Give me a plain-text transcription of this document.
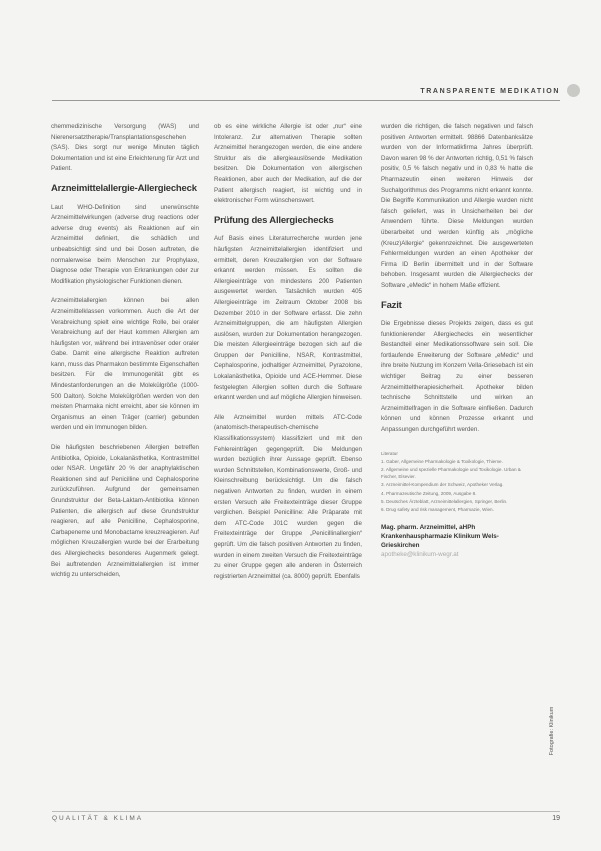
TRANSPARENTE MEDIKATION

chemmedizinische Versorgung (WAS) und Nierenersatztherapie/Transplantationsgeschehen (SAS). Dies sorgt nur wenige Minuten täglich Dokumentation und ist eine Erleichterung für Arzt und Patient.

Arzneimittelallergie-Allergiecheck

Laut WHO-Definition sind unerwünschte Arzneimittelwirkungen (adverse drug reactions oder adverse drug events) als Reaktionen auf ein Arzneimittel definiert, die schädlich und unbeabsichtigt sind und bei Dosen auftreten, die normalerweise beim Menschen zur Prophylaxe, Diagnose oder Therapie von Erkrankungen oder zur Modifikation physiologischer Funktionen dienen.

Arzneimittelallergien können bei allen Arzneimittelklassen vorkommen. Auch die Art der Verabreichung spielt eine wichtige Rolle, bei oraler Verabreichung auf der Haut kommen Allergien am häufigsten vor, während bei intravenöser oder oraler Gabe. Damit eine allergische Reaktion auftreten kann, muss das Pharmakon bestimmte Eigenschaften besitzen. Für die Immunogenität gibt es Mindestanforderungen an die Molekülgröße (1000-500 Dalton). Solche Molekülgrößen werden von den meisten Pharmaka nicht erreicht, aber sie können im Organismus an einen Träger (carrier) gebunden werden und ein Immunogen bilden.

Die häufigsten beschriebenen Allergien betreffen Antibiotika, Opioide, Lokalanästhetika, Kontrastmittel oder NSAR. Ungefähr 20 % der anaphylaktischen Reaktionen sind auf Penicilline und Cephalosporine zurückzuführen. Aufgrund der gemeinsamen Grundstruktur der Beta-Laktam-Antibiotika können Patienten, die allergisch auf diese Grundstruktur reagieren, auf alle Penicilline, Cephalosporine, Carbapeneme und Monobactame kreuzreagieren. Auf möglichen Kreuzallergien wurde bei der Erarbeitung des Allergiechecks besonderes Augenmerk gelegt. Bei auftretenden Arzneimittelallergien ist immer wichtig zu unterscheiden,

ob es eine wirkliche Allergie ist oder „nur“ eine Intoleranz. Zur alternativen Therapie sollten Arzneimittel herangezogen werden, die eine andere Struktur als die allergieauslösende Medikation besitzen. Die Dokumentation von allergischen Reaktionen, aber auch der Medikation, auf die der Patient allergisch reagiert, ist wichtig und in elektronischer Form wünschenswert.

Prüfung des Allergiechecks

Auf Basis eines Literaturrecherche wurden jene häufigsten Arzneimittelallergien identifiziert und ermittelt, deren Kreuzallergien von der Software erkannt werden müssen. Es sollten die Allergieeinträge von mindestens 200 Patienten ausgewertet werden. Tatsächlich wurden 405 Allergieeinträge im Zeitraum Oktober 2008 bis Dezember 2010 in der Software erfasst. Die zehn Arzneimittelgruppen, die am häufigsten Allergien auslösen, wurden zur Dokumentation herangezogen. Die meisten Allergieeinträge bezogen sich auf die Gruppen der Penicilline, NSAR, Kontrastmittel, Cephalosporine, jodhaltiger Arzneimittel, Pyrazolone, Lokalanästhetika, Opioide und ACE-Hemmer. Diese festgelegten Allergien sollten durch die Software erkannt werden und auf mögliche Allergien hinweisen.

Alle Arzneimittel wurden mittels ATC-Code (anatomisch-therapeutisch-chemische Klassifikationssystem) klassifiziert und mit den Fehlereinträgen gegengeprüft. Die Meldungen wurden bezüglich ihrer Aussage geprüft. Ebenso wurden Schnittstellen, Kombinationswerte, Groß- und Kleinschreibung berücksichtigt. Um die falsch negativen Antworten zu finden, wurden in einem ersten Versuch alle Freitexteinträge dieser Gruppe verglichen. Beispiel Penicilline: Alle Präparate mit dem ATC-Code J01C wurden gegen die Freitexteinträge der Gruppe „Penicillinallergien“ geprüft. Um die falsch positiven Antworten zu finden, wurden in einem zweiten Versuch die Freitexteinträge zu einer Gruppe gegen alle anderen in Österreich registrierten Arzneimittel (ca. 8000) geprüft. Ebenfalls

wurden die richtigen, die falsch negativen und falsch positiven Antworten ermittelt. 98866 Datenbanksätze wurden von der Informatikfirma Jahres überprüft. Davon waren 98 % der Antworten richtig, 0,51 % falsch positiv, 0,5 % falsch negativ und in 0,83 % hatte die Pharmazeutin einen weiteren Hinweis der Suchalgorithmus des Programms nicht erkannt konnte. Die Begriffe Kommunikation und Allergie wurden nicht falsch geliefert, was in Unsicherheiten bei der Anwendern führte. Diese Meldungen wurden überarbeitet und werden künftig als „mögliche (Kreuz)Allergie“ gekennzeichnet. Die ausgewerteten Fehlermeldungen wurden an einen Apotheker der Firma ID Berlin übermittelt und in der Software behoben. Insgesamt wurden die Allergiechecks der Software „eMedic“ in hohem Maße effizient.

Fazit

Die Ergebnisse dieses Projekts zeigen, dass es gut funktionierender Allergiechecks ein wesentlicher Bestandteil einer Medikationssoftware sein soll. Die fortlaufende Erweiterung der Software „eMedic“ und ihre breite Nutzung im Konzern Vella-Griesebach ist ein wichtiger Beitrag zu einer besseren Arzneimitteltherapiesicherheit. Apotheker bilden technische Schnittstelle und wirken an Arzneimittelfragen in die Software einfließen. Dadurch können und können Prozesse erkannt und Anpassungen durchgeführt werden.

Literatur
1. Gaber, Allgemeine Pharmakologie & Toxikologie, Thieme.
2. Allgemeine und spezielle Pharmakologie und Toxikologie. Urban & Fischer, Elsevier.
3. Arzneimittel-Kompendium der Schweiz, Apotheker Verlag.
4. Pharmazeutische Zeitung, 2009, Ausgabe 8.
5. Deutsches Ärzteblatt, Arzneimittelallergien, Springer, Berlin.
6. Drug safety and risk management, Pharmazie, Wien.
Mag. pharm. Arzneimittel, aHPh Krankenhauspharmazie Klinikum Wels-Grieskirchen
apotheke@klinikum-wegr.at
Fotografie: Klinikum
QUALITÄT & KLIMA	19
